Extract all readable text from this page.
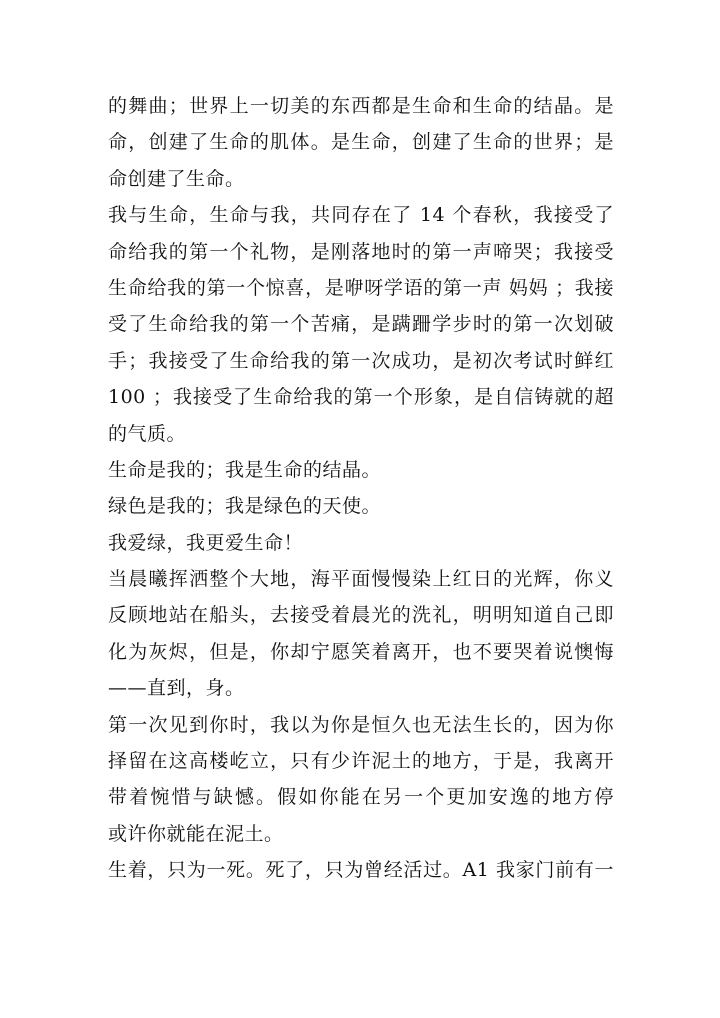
的舞曲；世界上一切美的东西都是生命和生命的结晶。是
命，创建了生命的肌体。是生命，创建了生命的世界；是
命创建了生命。
我与生命，生命与我，共同存在了 14 个春秋，我接受了
命给我的第一个礼物，是刚落地时的第一声啼哭；我接受
生命给我的第一个惊喜，是咿呀学语的第一声 妈妈 ；我接
受了生命给我的第一个苦痛，是蹒跚学步时的第一次划破
手；我接受了生命给我的第一次成功，是初次考试时鲜红
100 ；我接受了生命给我的第一个形象，是自信铸就的超
的气质。
生命是我的；我是生命的结晶。
绿色是我的；我是绿色的天使。
我爱绿，我更爱生命！
当晨曦挥洒整个大地，海平面慢慢染上红日的光辉，你义
反顾地站在船头，去接受着晨光的洗礼，明明知道自己即
化为灰烬，但是，你却宁愿笑着离开，也不要哭着说懊悔
——直到，身。
第一次见到你时，我以为你是恒久也无法生长的，因为你
择留在这高楼屹立，只有少许泥土的地方，于是，我离开
带着惋惜与缺憾。假如你能在另一个更加安逸的地方停
或许你就能在泥土。
生着，只为一死。死了，只为曾经活过。A1 我家门前有一
